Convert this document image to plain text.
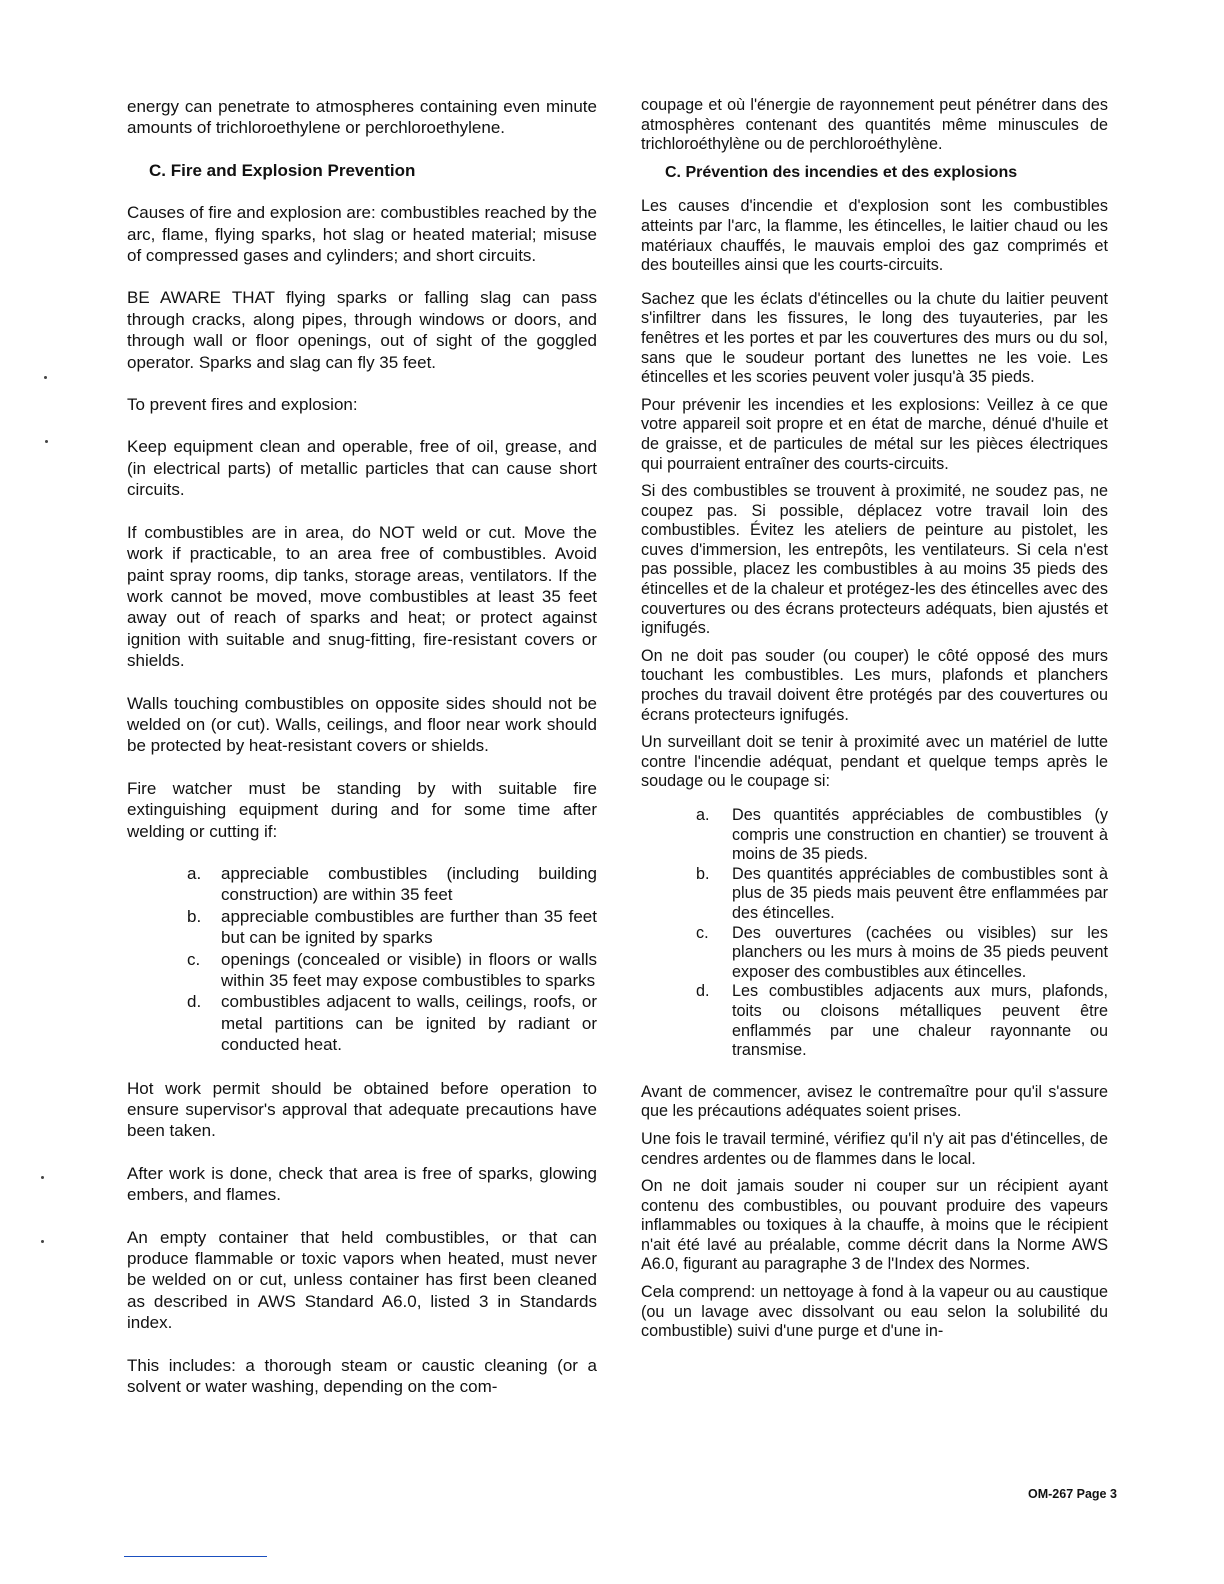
energy can penetrate to atmospheres containing even minute amounts of trichloroethylene or perchloroethylene.

C. Fire and Explosion Prevention

Causes of fire and explosion are: combustibles reached by the arc, flame, flying sparks, hot slag or heated material; misuse of compressed gases and cylinders; and short circuits.

BE AWARE THAT flying sparks or falling slag can pass through cracks, along pipes, through windows or doors, and through wall or floor openings, out of sight of the goggled operator. Sparks and slag can fly 35 feet.

To prevent fires and explosion:

Keep equipment clean and operable, free of oil, grease, and (in electrical parts) of metallic particles that can cause short circuits.

If combustibles are in area, do NOT weld or cut. Move the work if practicable, to an area free of combustibles. Avoid paint spray rooms, dip tanks, storage areas, ventilators. If the work cannot be moved, move combustibles at least 35 feet away out of reach of sparks and heat; or protect against ignition with suitable and snug-fitting, fire-resistant covers or shields.

Walls touching combustibles on opposite sides should not be welded on (or cut). Walls, ceilings, and floor near work should be protected by heat-resistant covers or shields.

Fire watcher must be standing by with suitable fire extinguishing equipment during and for some time after welding or cutting if:

a.	appreciable combustibles (including building construction) are within 35 feet
b.	appreciable combustibles are further than 35 feet but can be ignited by sparks
c.	openings (concealed or visible) in floors or walls within 35 feet may expose combustibles to sparks
d.	combustibles adjacent to walls, ceilings, roofs, or metal partitions can be ignited by radiant or conducted heat.

Hot work permit should be obtained before operation to ensure supervisor's approval that adequate precautions have been taken.

After work is done, check that area is free of sparks, glowing embers, and flames.

An empty container that held combustibles, or that can produce flammable or toxic vapors when heated, must never be welded on or cut, unless container has first been cleaned as described in AWS Standard A6.0, listed 3 in Standards index.

This includes: a thorough steam or caustic cleaning (or a solvent or water washing, depending on the com-

coupage et où l'énergie de rayonnement peut pénétrer dans des atmosphères contenant des quantités même minuscules de trichloroéthylène ou de perchloroéthylène.

C. Prévention des incendies et des explosions

Les causes d'incendie et d'explosion sont les combustibles atteints par l'arc, la flamme, les étincelles, le laitier chaud ou les matériaux chauffés, le mauvais emploi des gaz comprimés et des bouteilles ainsi que les courts-circuits.

Sachez que les éclats d'étincelles ou la chute du laitier peuvent s'infiltrer dans les fissures, le long des tuyauteries, par les fenêtres et les portes et par les couvertures des murs ou du sol, sans que le soudeur portant des lunettes ne les voie. Les étincelles et les scories peuvent voler jusqu'à 35 pieds.

Pour prévenir les incendies et les explosions: Veillez à ce que votre appareil soit propre et en état de marche, dénué d'huile et de graisse, et de particules de métal sur les pièces électriques qui pourraient entraîner des courts-circuits.

Si des combustibles se trouvent à proximité, ne soudez pas, ne coupez pas. Si possible, déplacez votre travail loin des combustibles. Évitez les ateliers de peinture au pistolet, les cuves d'immersion, les entrepôts, les ventilateurs. Si cela n'est pas possible, placez les combustibles à au moins 35 pieds des étincelles et de la chaleur et protégez-les des étincelles avec des couvertures ou des écrans protecteurs adéquats, bien ajustés et ignifugés.

On ne doit pas souder (ou couper) le côté opposé des murs touchant les combustibles. Les murs, plafonds et planchers proches du travail doivent être protégés par des couvertures ou écrans protecteurs ignifugés.

Un surveillant doit se tenir à proximité avec un matériel de lutte contre l'incendie adéquat, pendant et quelque temps après le soudage ou le coupage si:

a.	Des quantités appréciables de combustibles (y compris une construction en chantier) se trouvent à moins de 35 pieds.
b.	Des quantités appréciables de combustibles sont à plus de 35 pieds mais peuvent être enflammées par des étincelles.
c.	Des ouvertures (cachées ou visibles) sur les planchers ou les murs à moins de 35 pieds peuvent exposer des combustibles aux étincelles.
d.	Les combustibles adjacents aux murs, plafonds, toits ou cloisons métalliques peuvent être enflammés par une chaleur rayonnante ou transmise.

Avant de commencer, avisez le contremaître pour qu'il s'assure que les précautions adéquates soient prises.

Une fois le travail terminé, vérifiez qu'il n'y ait pas d'étincelles, de cendres ardentes ou de flammes dans le local.

On ne doit jamais souder ni couper sur un récipient ayant contenu des combustibles, ou pouvant produire des vapeurs inflammables ou toxiques à la chauffe, à moins que le récipient n'ait été lavé au préalable, comme décrit dans la Norme AWS A6.0, figurant au paragraphe 3 de l'Index des Normes.

Cela comprend: un nettoyage à fond à la vapeur ou au caustique (ou un lavage avec dissolvant ou eau selon la solubilité du combustible) suivi d'une purge et d'une in-

OM-267 Page 3
